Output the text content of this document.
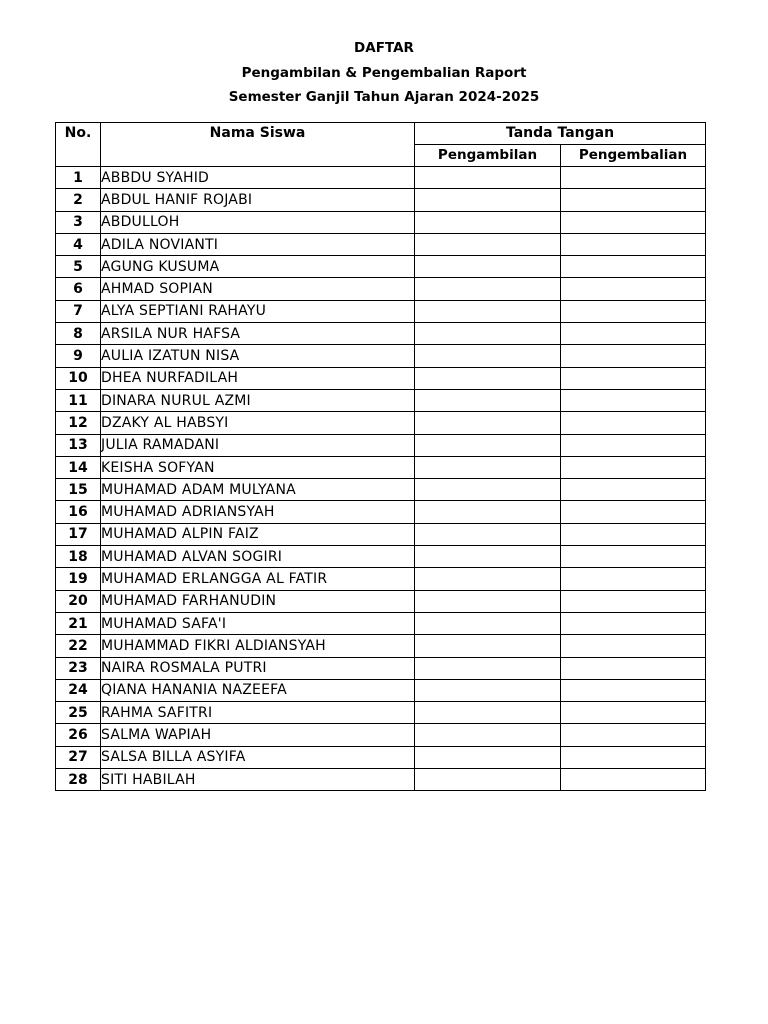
DAFTAR
Pengambilan & Pengembalian Raport
Semester Ganjil Tahun Ajaran 2024-2025
No.	Nama Siswa	Tanda Tangan	
		Pengambilan	Pengembalian
1	ABBDU SYAHID		
2	ABDUL HANIF ROJABI		
3	ABDULLOH		
4	ADILA NOVIANTI		
5	AGUNG KUSUMA		
6	AHMAD SOPIAN		
7	ALYA SEPTIANI RAHAYU		
8	ARSILA NUR HAFSA		
9	AULIA IZATUN NISA		
10	DHEA NURFADILAH		
11	DINARA NURUL AZMI		
12	DZAKY AL HABSYI		
13	JULIA RAMADANI		
14	KEISHA SOFYAN		
15	MUHAMAD ADAM MULYANA		
16	MUHAMAD ADRIANSYAH		
17	MUHAMAD ALPIN FAIZ		
18	MUHAMAD ALVAN SOGIRI		
19	MUHAMAD ERLANGGA AL FATIR		
20	MUHAMAD FARHANUDIN		
21	MUHAMAD SAFA'I		
22	MUHAMMAD FIKRI ALDIANSYAH		
23	NAIRA ROSMALA PUTRI		
24	QIANA HANANIA NAZEEFA		
25	RAHMA SAFITRI		
26	SALMA WAPIAH		
27	SALSA BILLA ASYIFA		
28	SITI HABILAH		
